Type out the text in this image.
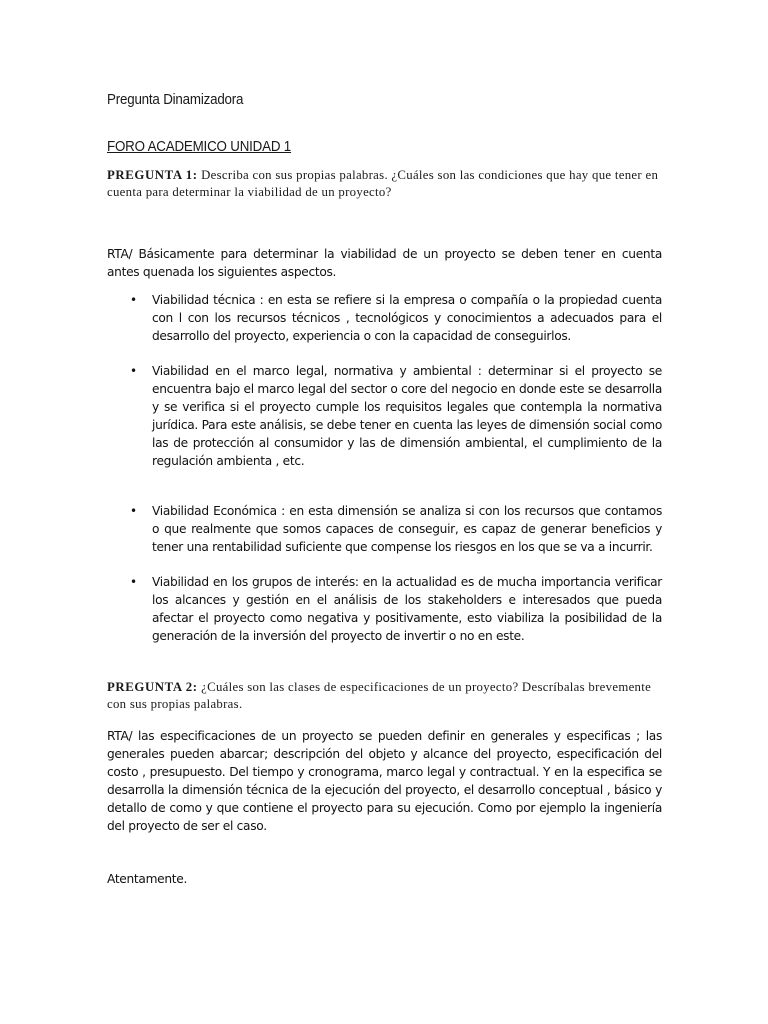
Pregunta Dinamizadora
FORO ACADEMICO UNIDAD 1
PREGUNTA 1: Describa con sus propias palabras. ¿Cuáles son las condiciones que hay que tener en cuenta para determinar la viabilidad de un proyecto?
RTA/ Básicamente para determinar la viabilidad de un proyecto se deben tener en cuenta antes quenada los siguientes aspectos.
• Viabilidad técnica : en esta se refiere si la empresa o compañía o la propiedad cuenta con l con los recursos técnicos , tecnológicos y conocimientos a adecuados para el desarrollo del proyecto, experiencia o con la capacidad de conseguirlos.
• Viabilidad en el marco legal, normativa y ambiental : determinar si el proyecto se encuentra bajo el marco legal del sector o core del negocio en donde este se desarrolla y se verifica si el proyecto cumple los requisitos legales que contempla la normativa jurídica. Para este análisis, se debe tener en cuenta las leyes de dimensión social como las de protección al consumidor y las de dimensión ambiental, el cumplimiento de la regulación ambienta , etc.
• Viabilidad Económica : en esta dimensión se analiza si con los recursos que contamos o que realmente que somos capaces de conseguir, es capaz de generar beneficios y tener una rentabilidad suficiente que compense los riesgos en los que se va a incurrir.
• Viabilidad en los grupos de interés: en la actualidad es de mucha importancia verificar los alcances y gestión en el análisis de los stakeholders e interesados que pueda afectar el proyecto como negativa y positivamente, esto viabiliza la posibilidad de la generación de la inversión del proyecto de invertir o no en este.
PREGUNTA 2: ¿Cuáles son las clases de especificaciones de un proyecto? Descríbalas brevemente con sus propias palabras.
RTA/ las especificaciones de un proyecto se pueden definir en generales y especificas ; las generales pueden abarcar; descripción del objeto y alcance del proyecto, especificación del costo , presupuesto. Del tiempo y cronograma, marco legal y contractual. Y en la especifica se desarrolla la dimensión técnica de la ejecución del proyecto, el desarrollo conceptual , básico y detallo de como y que contiene el proyecto para su ejecución. Como por ejemplo la ingeniería del proyecto de ser el caso.
Atentamente.
